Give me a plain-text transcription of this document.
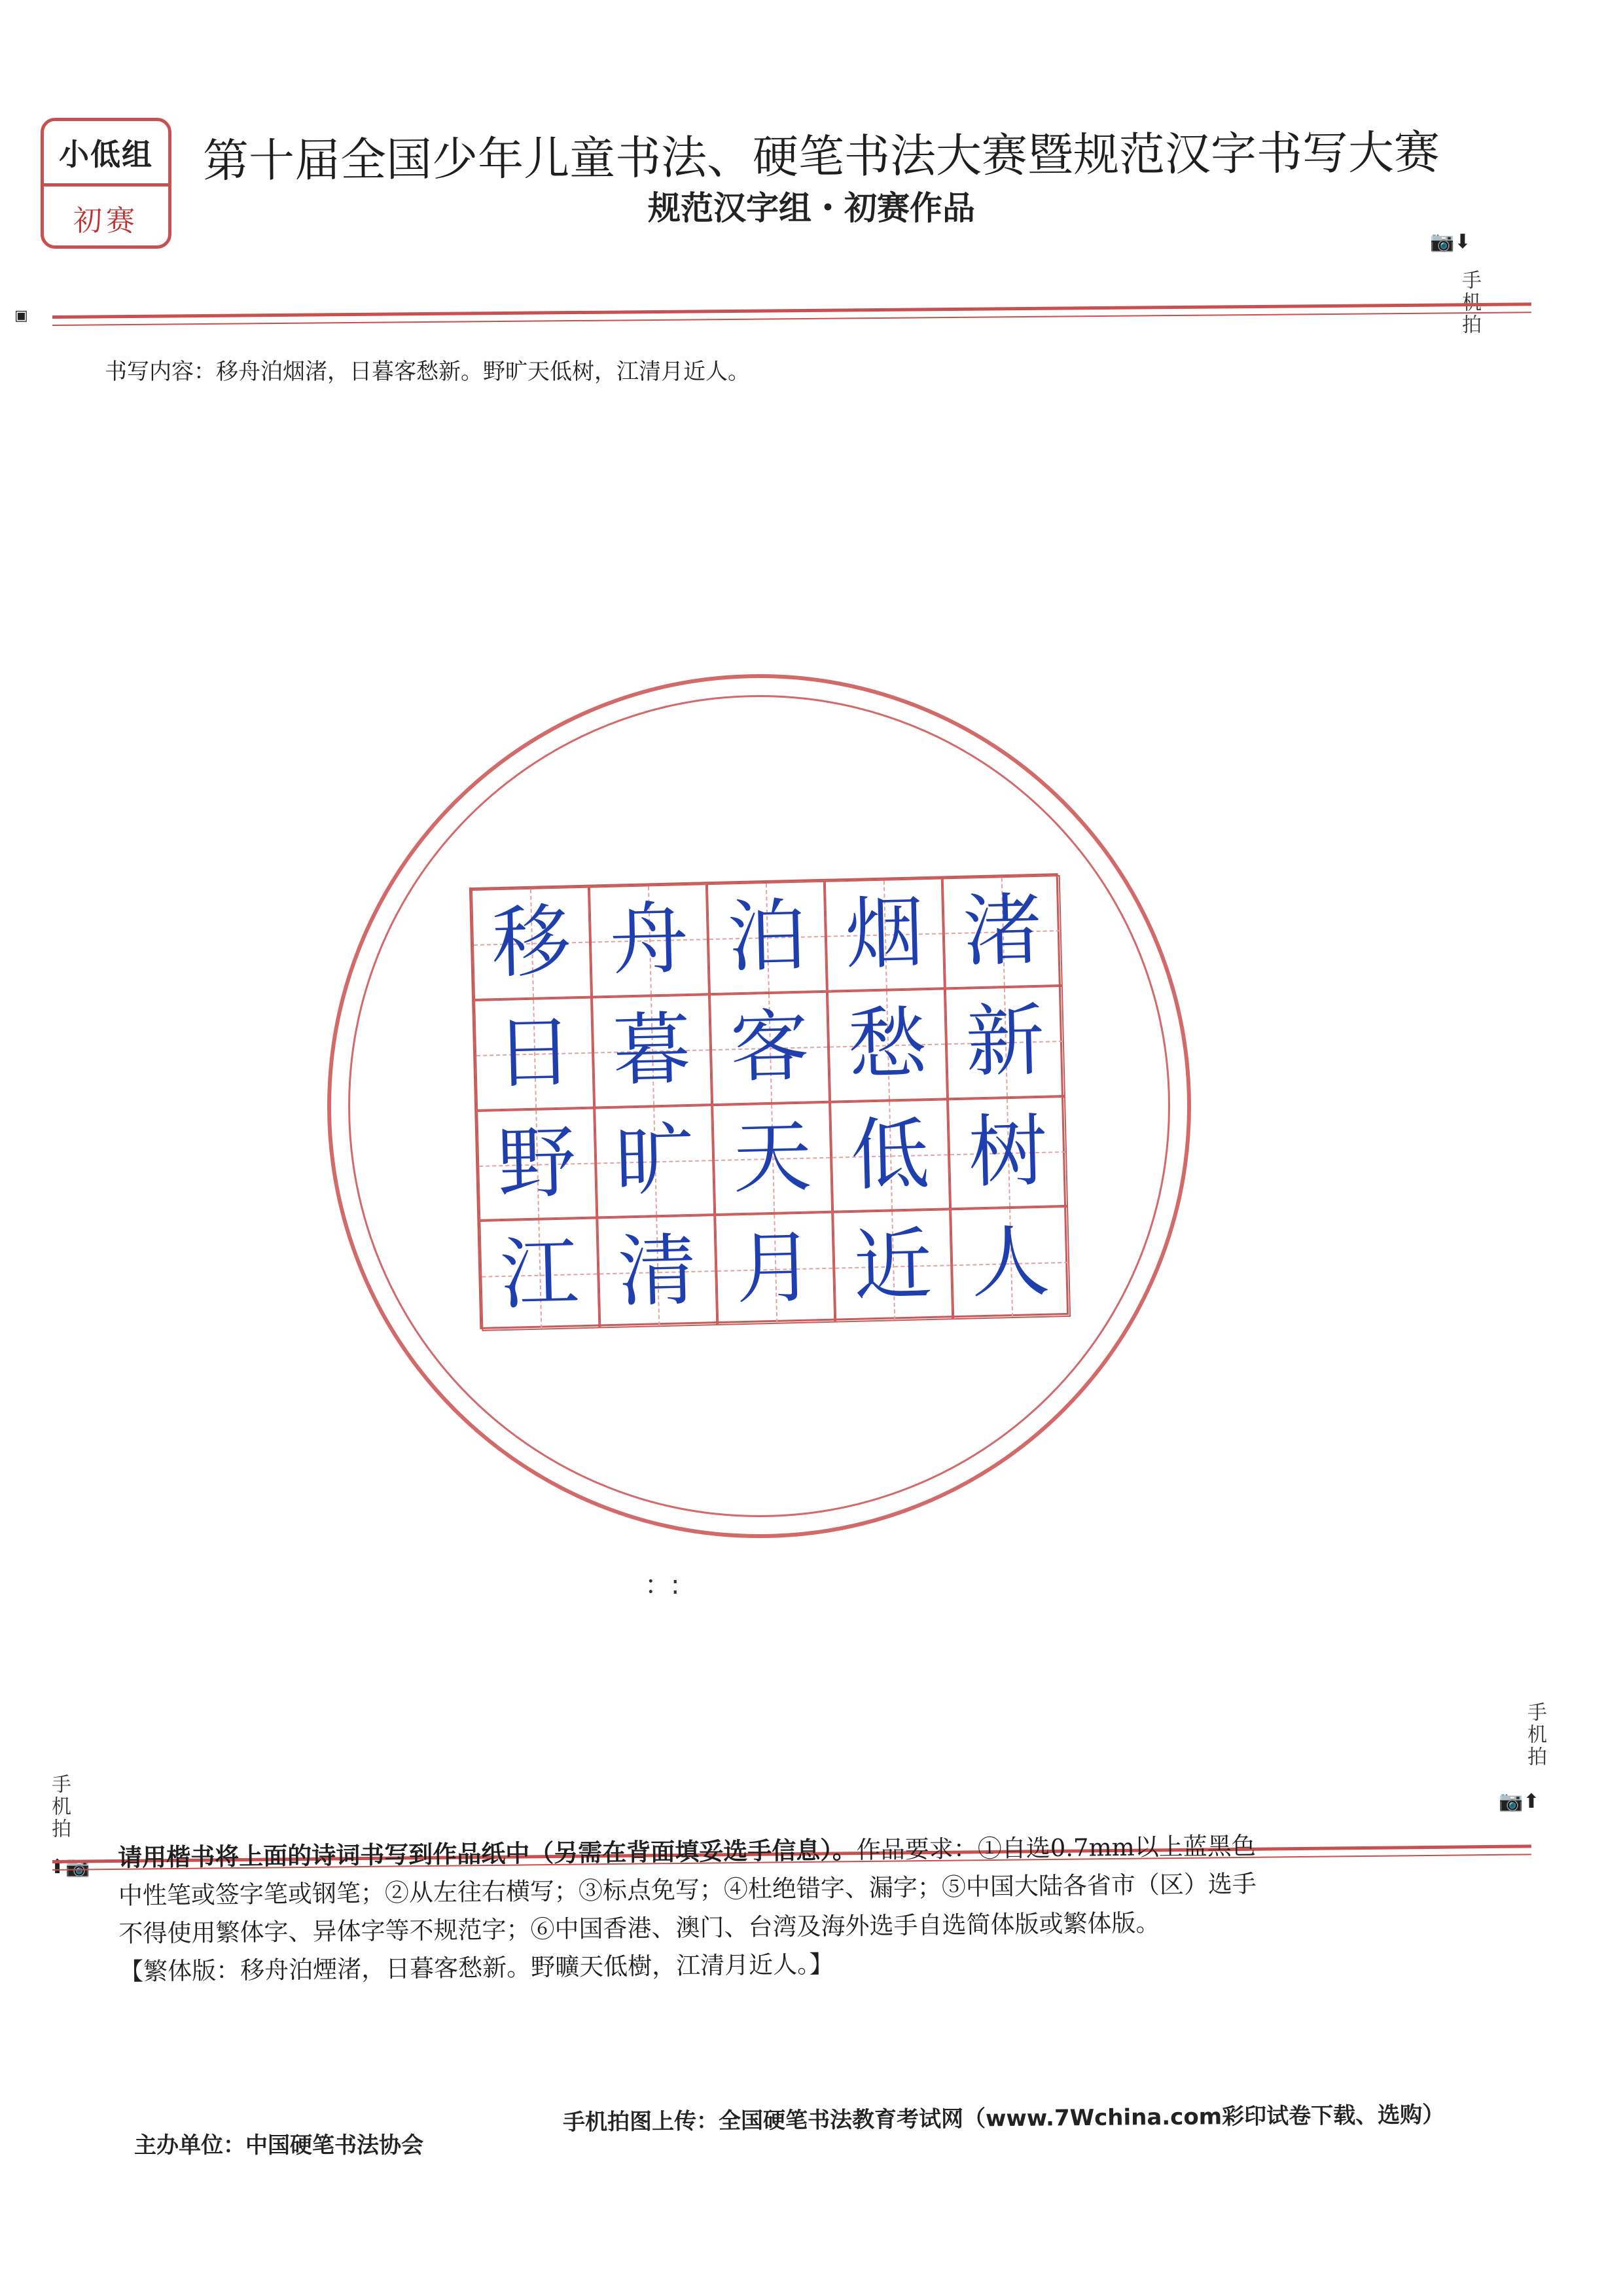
小低组
初赛
第十届全国少年儿童书法、硬笔书法大赛暨规范汉字书写大赛
规范汉字组・初赛作品
📷⬇
手机拍
▣
书写内容：移舟泊烟渚，日暮客愁新。野旷天低树，江清月近人。
移 舟 泊 烟 渚
日 暮 客 愁 新
野 旷 天 低 树
江 清 月 近 人
：:
手机拍
📷⬆
手机拍
⬆📷 请用楷书将上面的诗词书写到作品纸中（另需在背面填妥选手信息）。作品要求：①自选0.7mm以上蓝黑色
中性笔或签字笔或钢笔；②从左往右横写；③标点免写；④杜绝错字、漏字；⑤中国大陆各省市（区）选手
不得使用繁体字、异体字等不规范字；⑥中国香港、澳门、台湾及海外选手自选简体版或繁体版。
【繁体版：移舟泊煙渚，日暮客愁新。野曠天低樹，江清月近人。】
主办单位：中国硬笔书法协会
手机拍图上传：全国硬笔书法教育考试网（www.7Wchina.com彩印试卷下载、选购）
